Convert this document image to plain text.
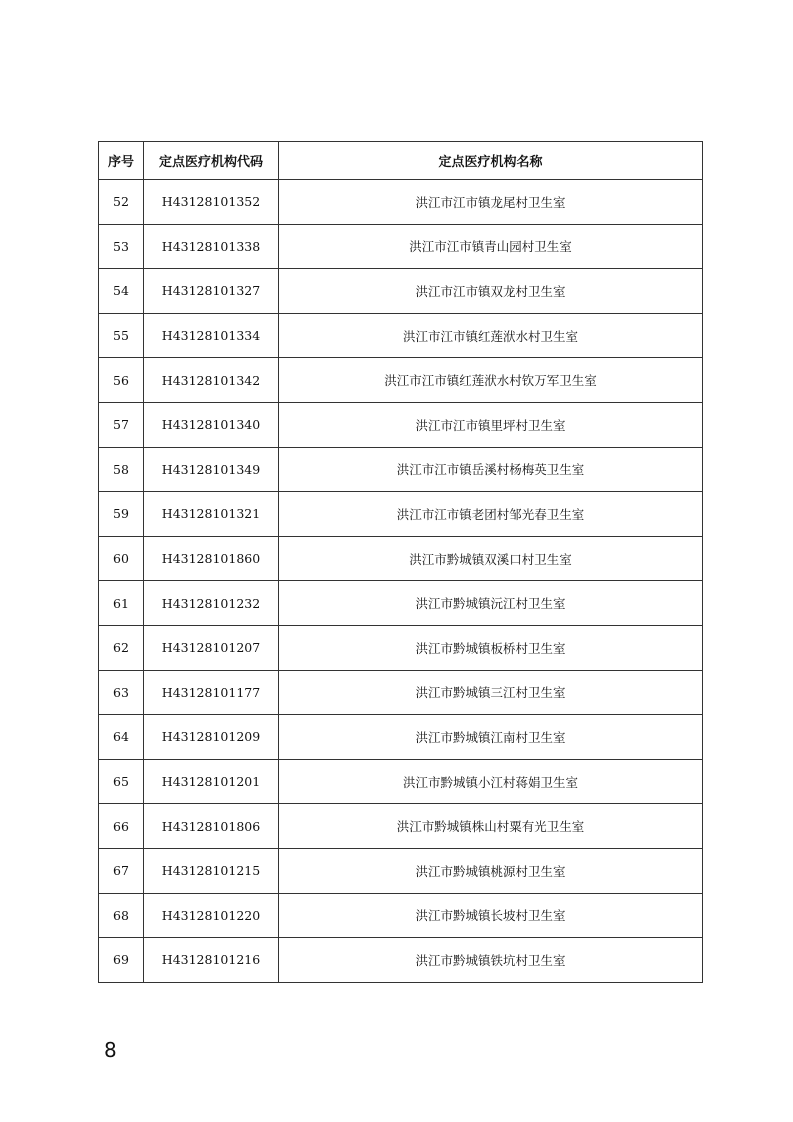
序号	定点医疗机构代码	定点医疗机构名称
52	H43128101352	洪江市江市镇龙尾村卫生室
53	H43128101338	洪江市江市镇青山园村卫生室
54	H43128101327	洪江市江市镇双龙村卫生室
55	H43128101334	洪江市江市镇红莲洑水村卫生室
56	H43128101342	洪江市江市镇红莲洑水村钦万军卫生室
57	H43128101340	洪江市江市镇里坪村卫生室
58	H43128101349	洪江市江市镇岳溪村杨梅英卫生室
59	H43128101321	洪江市江市镇老团村邹光春卫生室
60	H43128101860	洪江市黔城镇双溪口村卫生室
61	H43128101232	洪江市黔城镇沅江村卫生室
62	H43128101207	洪江市黔城镇板桥村卫生室
63	H43128101177	洪江市黔城镇三江村卫生室
64	H43128101209	洪江市黔城镇江南村卫生室
65	H43128101201	洪江市黔城镇小江村蒋娟卫生室
66	H43128101806	洪江市黔城镇株山村粟有光卫生室
67	H43128101215	洪江市黔城镇桃源村卫生室
68	H43128101220	洪江市黔城镇长坡村卫生室
69	H43128101216	洪江市黔城镇铁坑村卫生室
8
